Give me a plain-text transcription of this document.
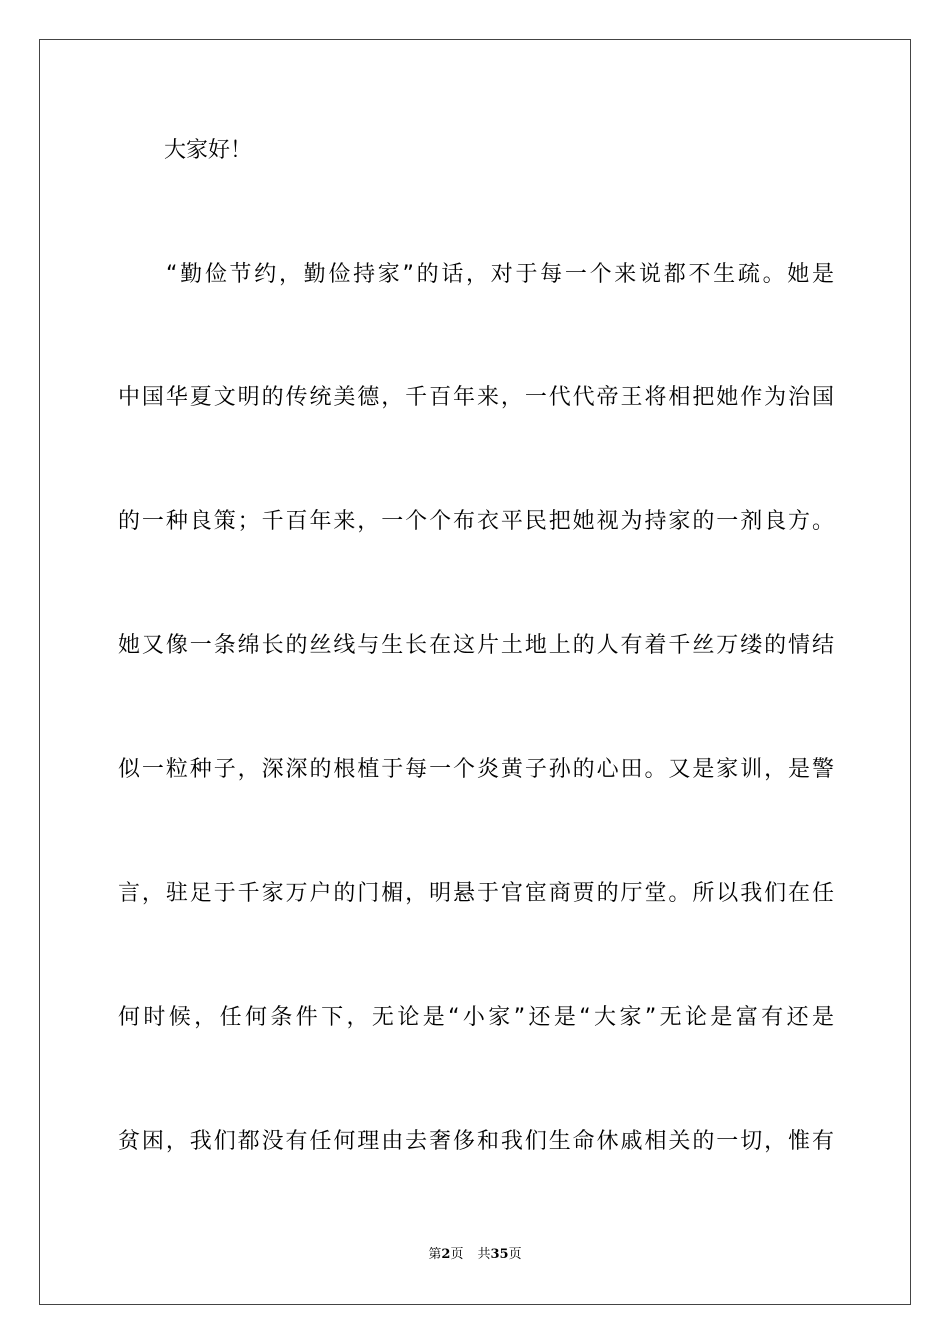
大家好！
“勤俭节约，勤俭持家”的话，对于每一个来说都不生疏。她是
中国华夏文明的传统美德，千百年来，一代代帝王将相把她作为治国
的一种良策；千百年来，一个个布衣平民把她视为持家的一剂良方。
她又像一条绵长的丝线与生长在这片土地上的人有着千丝万缕的情结
似一粒种子，深深的根植于每一个炎黄子孙的心田。又是家训，是警
言，驻足于千家万户的门楣，明悬于官宦商贾的厅堂。所以我们在任
何时候，任何条件下，无论是“小家”还是“大家”无论是富有还是
贫困，我们都没有任何理由去奢侈和我们生命休戚相关的一切，惟有
第2页 共35页
